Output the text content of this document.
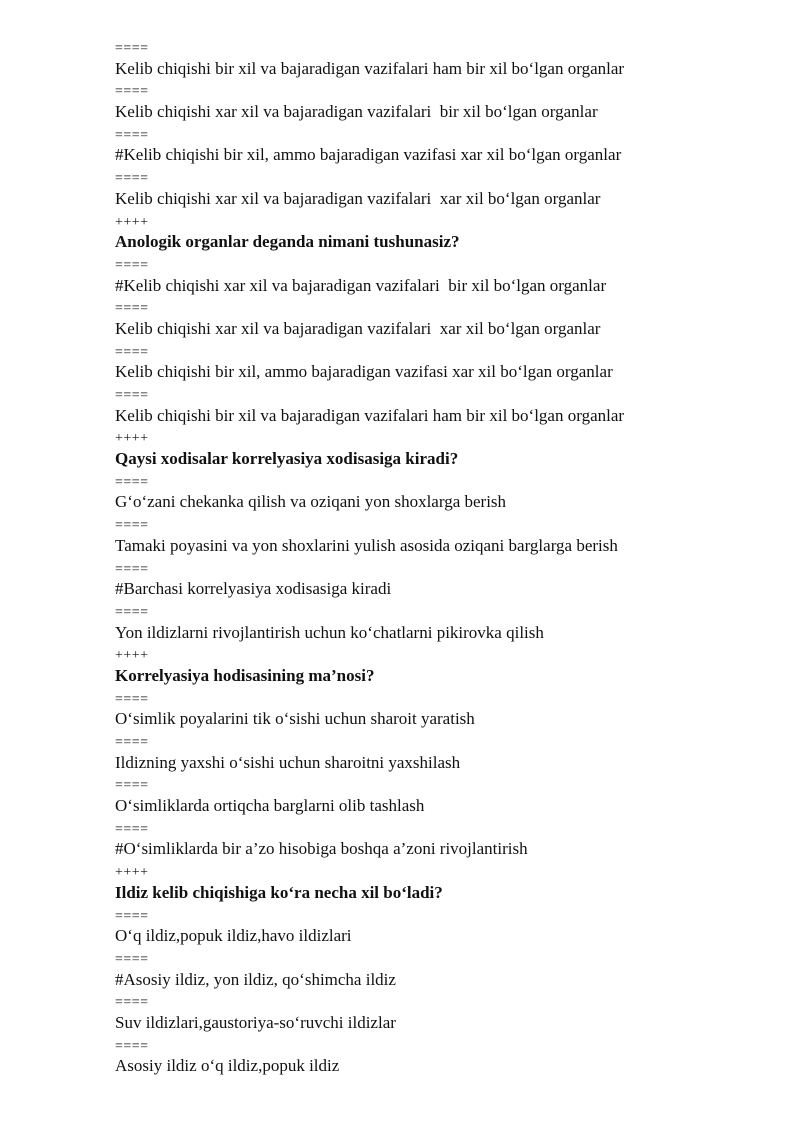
====
Kelib chiqishi bir xil va bajaradigan vazifalari ham bir xil bo‘lgan organlar
====
Kelib chiqishi xar xil va bajaradigan vazifalari  bir xil bo‘lgan organlar
====
#Kelib chiqishi bir xil, ammo bajaradigan vazifasi xar xil bo‘lgan organlar
====
Kelib chiqishi xar xil va bajaradigan vazifalari  xar xil bo‘lgan organlar
++++
Anologik organlar deganda nimani tushunasiz?
====
#Kelib chiqishi xar xil va bajaradigan vazifalari  bir xil bo‘lgan organlar
====
Kelib chiqishi xar xil va bajaradigan vazifalari  xar xil bo‘lgan organlar
====
Kelib chiqishi bir xil, ammo bajaradigan vazifasi xar xil bo‘lgan organlar
====
Kelib chiqishi bir xil va bajaradigan vazifalari ham bir xil bo‘lgan organlar
++++
Qaysi xodisalar korrelyasiya xodisasiga kiradi?
====
G‘o‘zani chekanka qilish va oziqani yon shoxlarga berish
====
Tamaki poyasini va yon shoxlarini yulish asosida oziqani barglarga berish
====
#Barchasi korrelyasiya xodisasiga kiradi
====
Yon ildizlarni rivojlantirish uchun ko‘chatlarni pikirovka qilish
++++
Korrelyasiya hodisasining ma’nosi?
====
O‘simlik poyalarini tik o‘sishi uchun sharoit yaratish
====
Ildizning yaxshi o‘sishi uchun sharoitni yaxshilash
====
O‘simliklarda ortiqcha barglarni olib tashlash
====
#O‘simliklarda bir a’zo hisobiga boshqa a’zoni rivojlantirish
++++
Ildiz kelib chiqishiga ko‘ra necha xil bo‘ladi?
====
O‘q ildiz,popuk ildiz,havo ildizlari
====
#Asosiy ildiz, yon ildiz, qo‘shimcha ildiz
====
Suv ildizlari,gaustoriya-so‘ruvchi ildizlar
====
Asosiy ildiz o‘q ildiz,popuk ildiz
